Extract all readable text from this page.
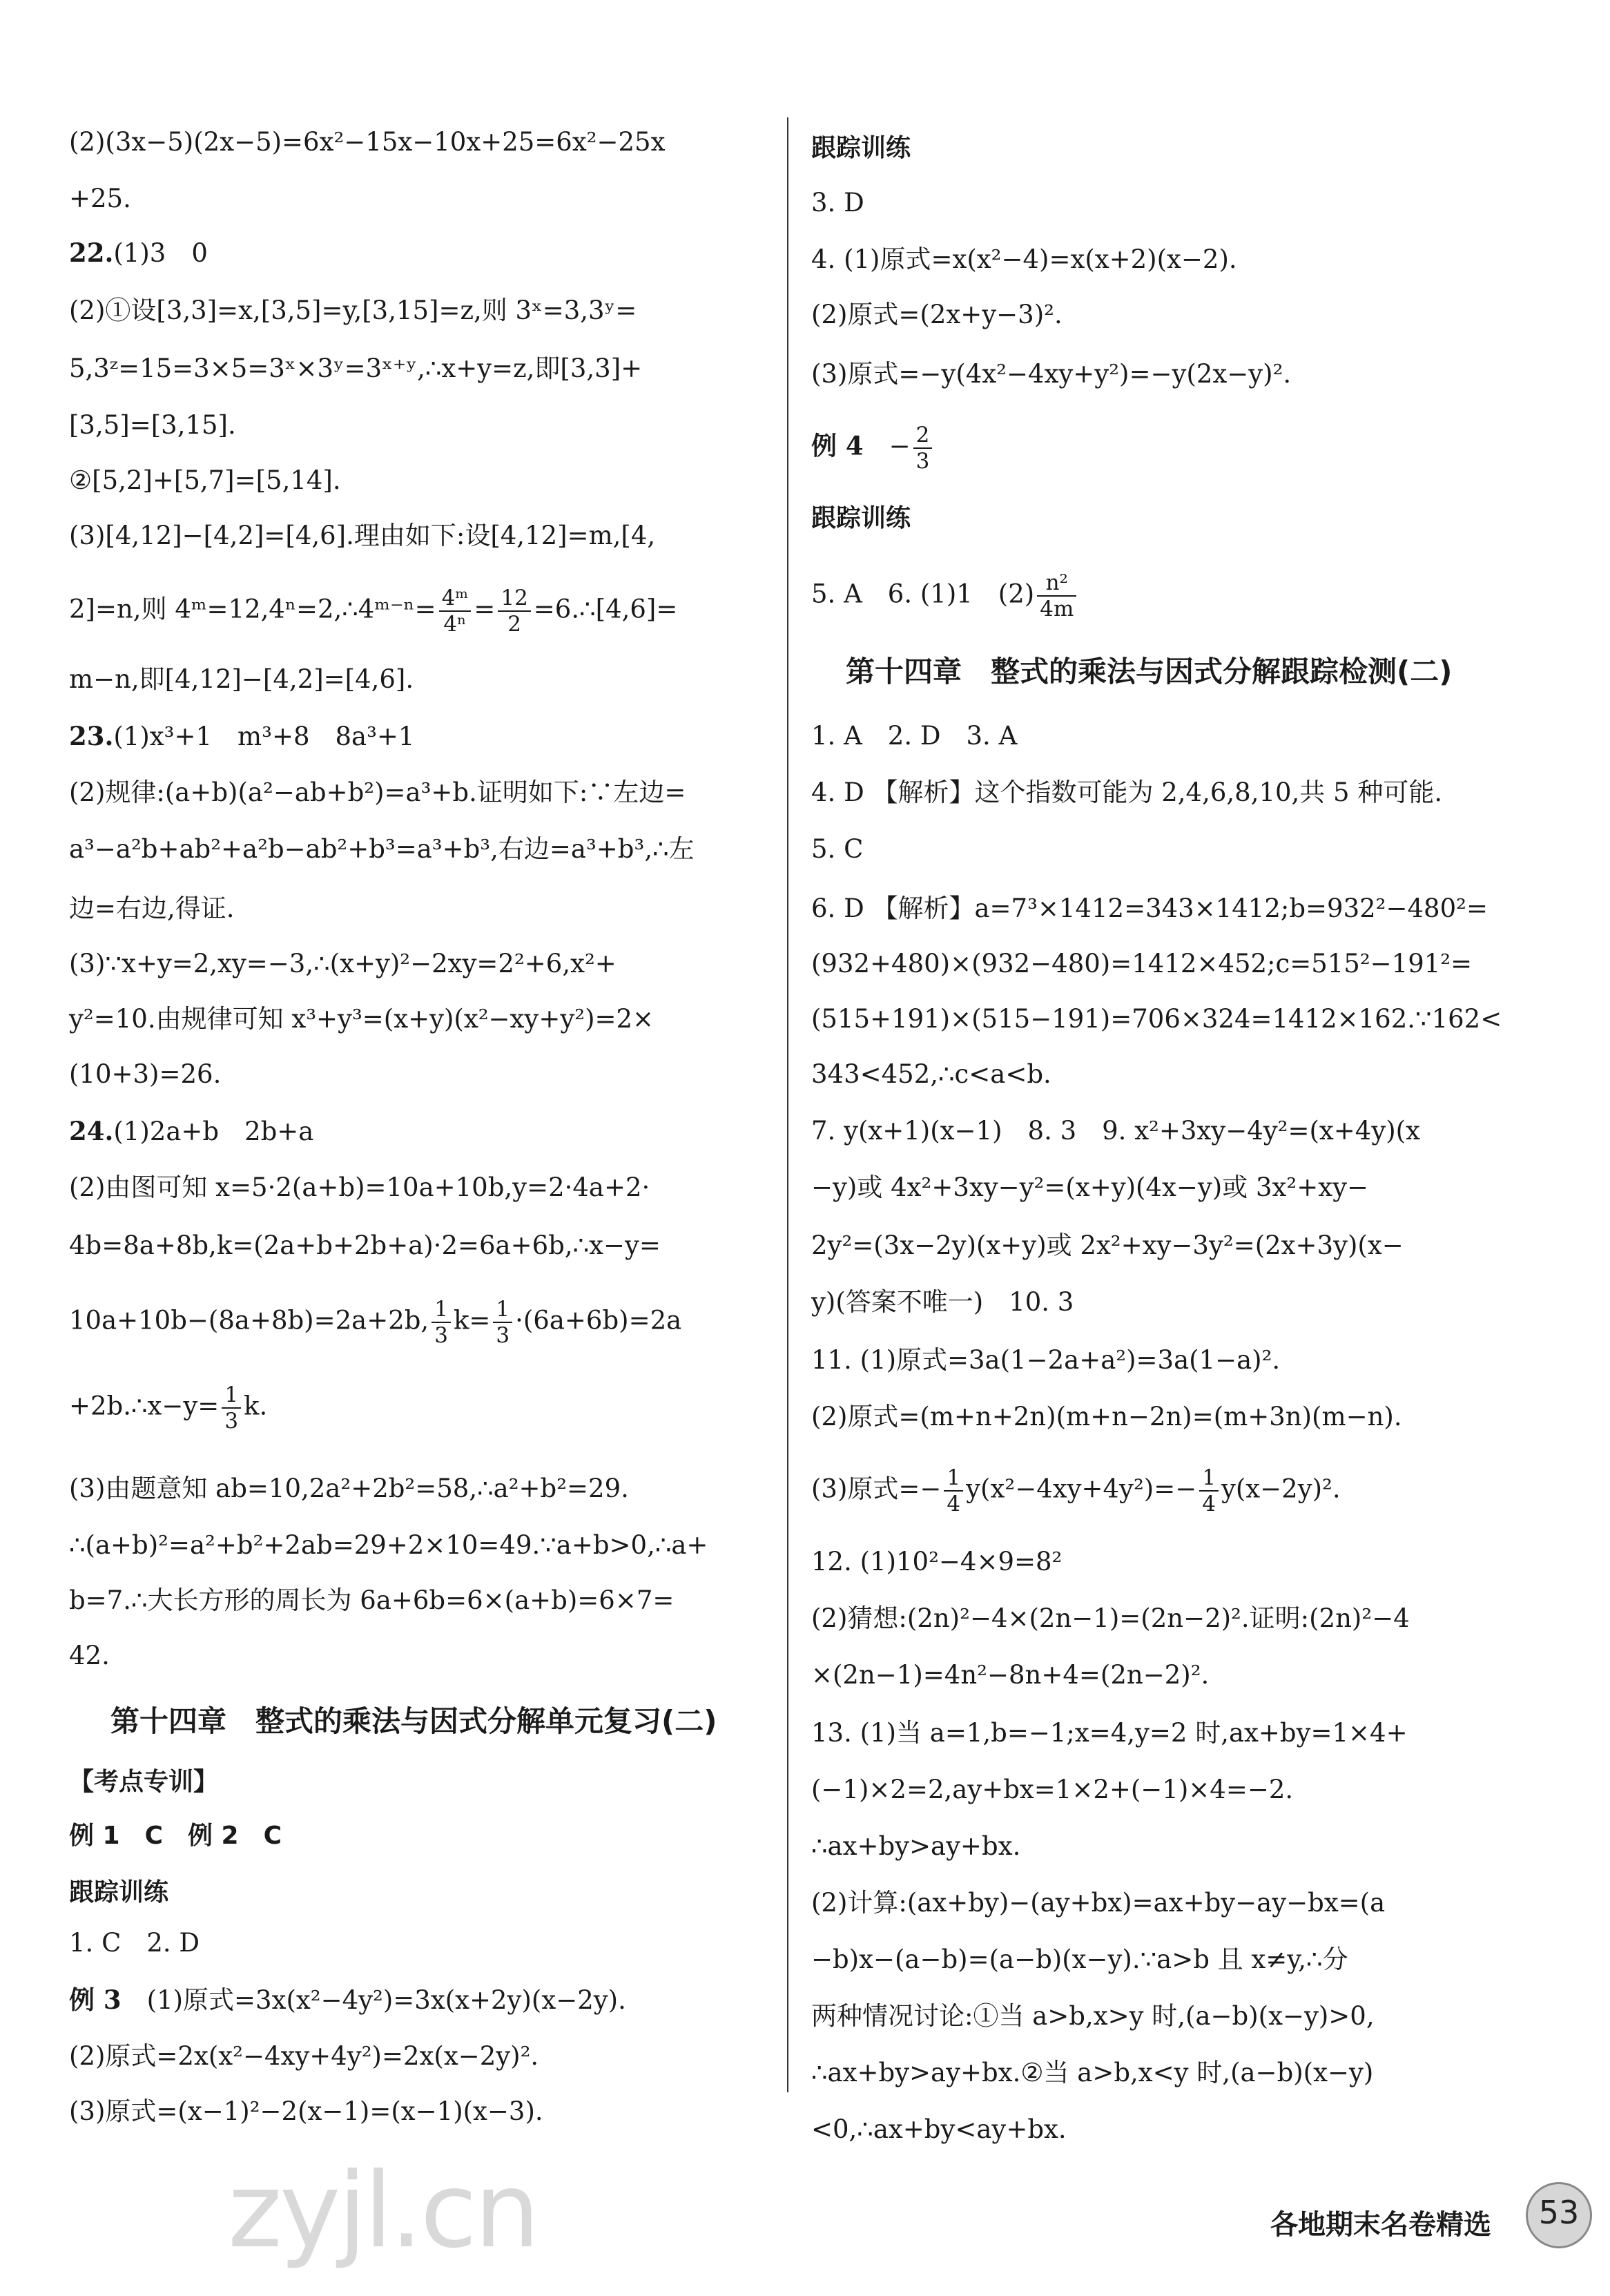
(2)(3x−5)(2x−5)=6x²−15x−10x+25=6x²−25x
+25.
22.(1)3　0
(2)①设[3,3]=x,[3,5]=y,[3,15]=z,则 3ˣ=3,3ʸ=
5,3ᶻ=15=3×5=3ˣ×3ʸ=3ˣ⁺ʸ,∴x+y=z,即[3,3]+
[3,5]=[3,15].
②[5,2]+[5,7]=[5,14].
(3)[4,12]−[4,2]=[4,6].理由如下:设[4,12]=m,[4,
2]=n,则 4ᵐ=12,4ⁿ=2,∴4ᵐ⁻ⁿ= $\frac{\text{4ᵐ}}{\text{4ⁿ}} = \frac{12}{2}$ =6.∴[4,6]=
m−n,即[4,12]−[4,2]=[4,6].
23.(1)x³+1　m³+8　8a³+1
(2)规律:(a+b)(a²−ab+b²)=a³+b.证明如下:∵左边=
a³−a²b+ab²+a²b−ab²+b³=a³+b³,右边=a³+b³,∴左
边=右边,得证.
(3)∵x+y=2,xy=−3,∴(x+y)²−2xy=2²+6,x²+
y²=10.由规律可知 x³+y³=(x+y)(x²−xy+y²)=2×
(10+3)=26.
24.(1)2a+b　2b+a
(2)由图可知 x=5·2(a+b)=10a+10b,y=2·4a+2·
4b=8a+8b,k=(2a+b+2b+a)·2=6a+6b,∴x−y=
10a+10b−(8a+8b)=2a+2b, $\frac{1}{3} k= \frac{1}{3} \cdot(6a+6b)=2a$
+2b.∴x−y= $\frac{1}{3} k$.
(3)由题意知 ab=10,2a²+2b²=58,∴a²+b²=29.
∴(a+b)²=a²+b²+2ab=29+2×10=49.∵a+b>0,∴a+
b=7.∴大长方形的周长为 6a+6b=6×(a+b)=6×7=
42.
第十四章　整式的乘法与因式分解单元复习(二)
【考点专训】
例 1　C　例 2　C
跟踪训练
1. C　2. D
例 3　 (1)原式=3x(x²−4y²)=3x(x+2y)(x−2y).
(2)原式=2x(x²−4xy+4y²)=2x(x−2y)².
(3)原式=(x−1)²−2(x−1)=(x−1)(x−3).
跟踪训练
3. D
4. (1)原式=x(x²−4)=x(x+2)(x−2).
(2)原式=(2x+y−3)².
(3)原式=−y(4x²−4xy+y²)=−y(2x−y)².
例 4　 − $\frac{2}{3}$
跟踪训练
5. A　6. (1)1　$(2) \frac{\text{n²}}{4m}$
第十四章　整式的乘法与因式分解跟踪检测(二)
1. A　2. D　3. A
4. D 【解析】这个指数可能为 2,4,6,8,10,共 5 种可能.
5. C
6. D 【解析】a=7³×1412=343×1412;b=932²−480²=
(932+480)×(932−480)=1412×452;c=515²−191²=
(515+191)×(515−191)=706×324=1412×162.∵162<
343<452,∴c<a<b.
7. y(x+1)(x−1)　8. 3　9. x²+3xy−4y²=(x+4y)(x
−y)或 4x²+3xy−y²=(x+y)(4x−y)或 3x²+xy−
2y²=(3x−2y)(x+y)或 2x²+xy−3y²=(2x+3y)(x−
y)(答案不唯一)　10. 3
11. (1)原式=3a(1−2a+a²)=3a(1−a)².
(2)原式=(m+n+2n)(m+n−2n)=(m+3n)(m−n).
(3)原式=− $\frac{1}{4} y(x^2-4xy+4y^2)=- \frac{1}{4} y(x-2y)^2$.
12. (1)10²−4×9=8²
(2)猜想:(2n)²−4×(2n−1)=(2n−2)².证明:(2n)²−4
×(2n−1)=4n²−8n+4=(2n−2)².
13. (1)当 a=1,b=−1;x=4,y=2 时,ax+by=1×4+
(−1)×2=2,ay+bx=1×2+(−1)×4=−2.
∴ax+by>ay+bx.
(2)计算:(ax+by)−(ay+bx)=ax+by−ay−bx=(a
−b)x−(a−b)=(a−b)(x−y).∵a>b 且 x≠y,∴分
两种情况讨论:①当 a>b,x>y 时,(a−b)(x−y)>0,
∴ax+by>ay+bx.②当 a>b,x<y 时,(a−b)(x−y)
<0,∴ax+by<ay+bx.
zyjl.cn	各地期末名卷精选	53
